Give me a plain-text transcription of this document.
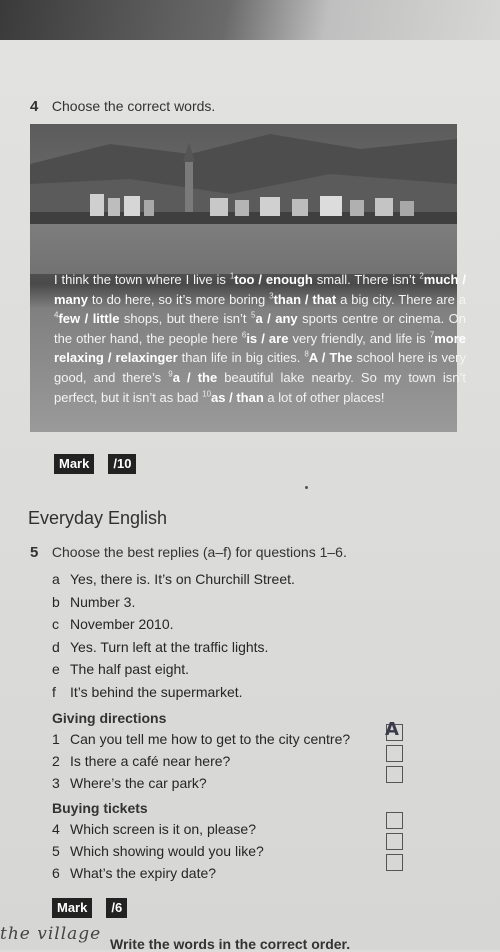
4 Choose the correct words.
I think the town where I live is $^1$too / enough small. There isn’t $^2$much / many to do here, so it’s more boring $^3$than / that a big city. There are a $^4$few / little shops, but there isn’t $^5$a / any sports centre or cinema. On the other hand, the people here $^6$is / are very friendly, and life is $^7$more relaxing / relaxinger than life in big cities. $^8$A / The school here is very good, and there’s $^9$a / the beautiful lake nearby. So my town isn’t perfect, but it isn’t as bad $^{10}$as / than a lot of other places!
Mark	/10
Everyday English
5 Choose the best replies (a–f) for questions 1–6.
a Yes, there is. It’s on Churchill Street.
b Number 3.
c November 2010.
d Yes. Turn left at the traffic lights.
e The half past eight.
f	It’s behind the supermarket.
Giving directions
1 Can you tell me how to get to the city centre?
2 Is there a café near here?
3 Where’s the car park?
A
Buying tickets
4 Which screen is it on, please?
5 Which showing would you like?
6 What’s the expiry date?
Mark	/6
the village Write the words in the correct order.
